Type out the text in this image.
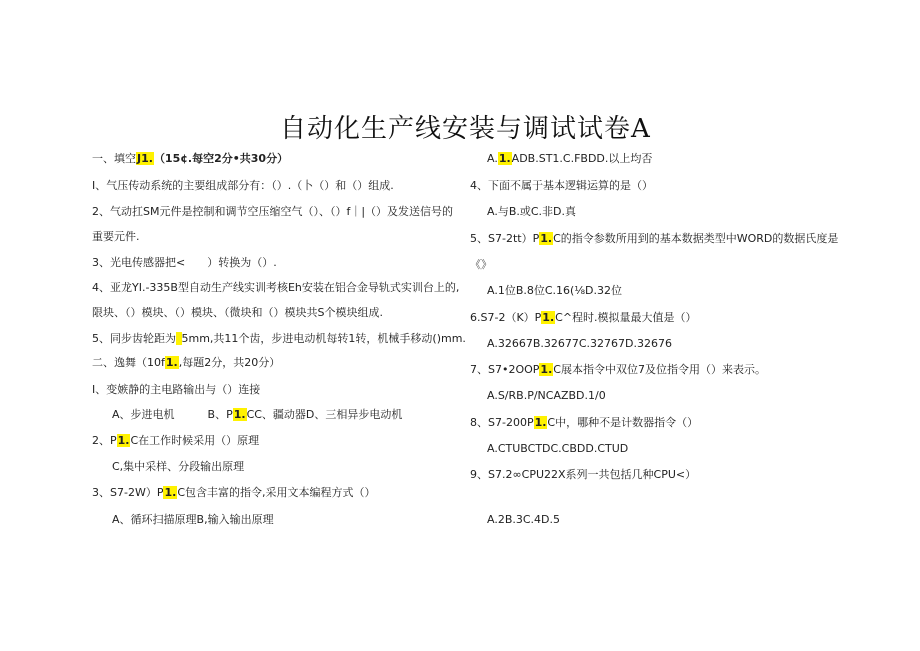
自动化生产线安装与调试试卷A
一、填空J1.（15¢.每空2分•共30分）
I、气压传动系统的主要组成部分有：（）.（卜（）和（）组成.
2、气动扛SM元件是控制和调节空压缩空气（）、（）f｜|（）及发送信号的
重要元件.
3、光电传感器把<　　）转换为（）.
4、亚龙YI.-335B型自动生产线实训考核Eh安装在铝合金导轨式实训台上的,
限块、（）模块、（）模块、（微块和（）模块共S个模块组成.
5、同步齿轮距为 5mm,共11个齿，步进电动机每转1转，机械手移动()mm.
二、逸舞（10f1.,每题2分，共20分）
I、变嫉静的主电路输出与（）连接
A、步进电机　　　B、P1.CC、疆动器D、三相异步电动机
2、P1.C在工作时候采用（）原理
C,集中采样、分段输出原理
3、S7-2W）P1.C包含丰富的指令,采用文本编程方式（）
A、循环扫描原理B,输入输出原理
A.1.ADB.ST1.C.FBDD.以上均否
4、下面不属于基本逻辑运算的是（）
A.与B.或C.非D.真
5、S7-2tt）P1.C的指令参数所用到的基本数据类型中WORD的数据氏度是
《》
A.1位B.8位C.16(⅛D.32位
6.S7-2（K）P1.C^程时.模拟量最大值是（）
A.32667B.32677C.32767D.32676
7、S7•2OOP1.C展本指令中双位7及位指令用（）来表示。
A.S/RB.P/NCAZBD.1/0
8、S7-200P1.C中，哪种不是计数器指令（）
A.CTUBCTDC.CBDD.CTUD
9、S7.2∞CPU22X系列一共包括几种CPU<）
A.2B.3C.4D.5
